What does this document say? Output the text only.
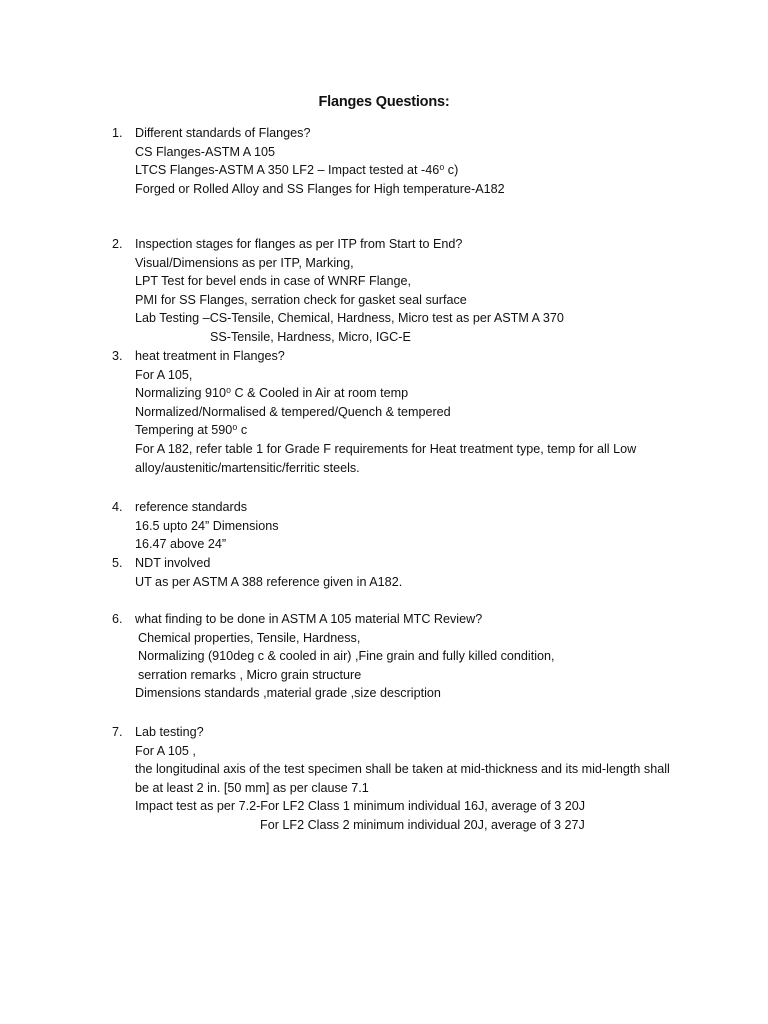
Flanges Questions:
1. Different standards of Flanges?
CS Flanges-ASTM A 105
LTCS Flanges-ASTM A 350 LF2 – Impact tested at -46⁰ c)
Forged or Rolled Alloy and SS Flanges for High temperature-A182
2. Inspection stages for flanges as per ITP from Start to End?
Visual/Dimensions as per ITP, Marking,
LPT Test for bevel ends in case of WNRF Flange,
PMI for SS Flanges, serration check for gasket seal surface
Lab Testing –CS-Tensile, Chemical, Hardness, Micro test as per ASTM A 370
SS-Tensile, Hardness, Micro, IGC-E
3. heat treatment in Flanges?
For A 105,
Normalizing 910⁰ C & Cooled in Air at room temp
Normalized/Normalised & tempered/Quench & tempered
Tempering at 590⁰ c
For A 182, refer table 1 for Grade F requirements for Heat treatment type, temp for all Low
alloy/austenitic/martensitic/ferritic steels.
4. reference standards
16.5 upto 24” Dimensions
16.47 above 24”
5. NDT involved
UT as per ASTM A 388 reference given in A182.
6. what finding to be done in ASTM A 105 material MTC Review?
Chemical properties, Tensile, Hardness,
Normalizing (910deg c & cooled in air) ,Fine grain and fully killed condition,
serration remarks , Micro grain structure
Dimensions standards ,material grade ,size description
7. Lab testing?
For A 105 ,
the longitudinal axis of the test specimen shall be taken at mid-thickness and its mid-length shall
be at least 2 in. [50 mm] as per clause 7.1
Impact test as per 7.2-For LF2 Class 1 minimum individual 16J, average of 3 20J
For LF2 Class 2 minimum individual 20J, average of 3 27J
